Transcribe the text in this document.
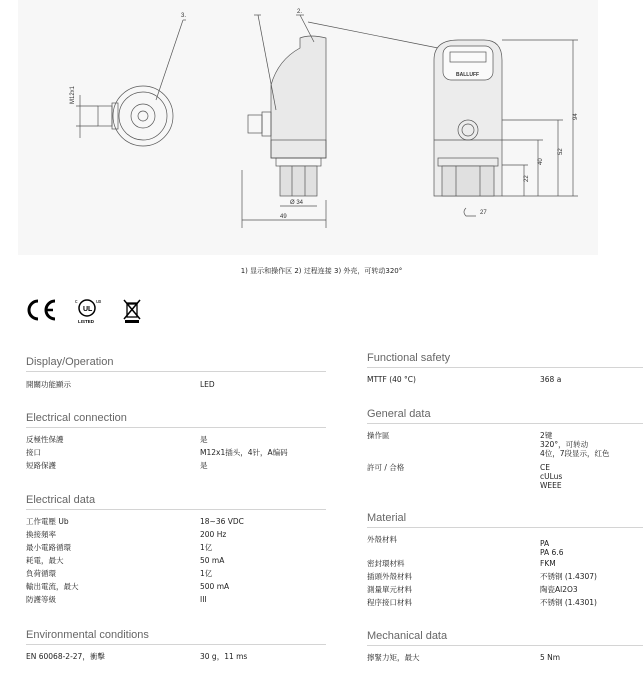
3.
2.
M12x1
Ø 34
49
94
52
40
22
27
BALLUFF
1) 显示和操作区 2) 过程连接 3) 外壳，可转动320°
UL
c	us
LISTED
Display/Operation
開關功能顯示	LED
Electrical connection
反極性保護	是
接口	M12x1插头，4针，A编码
短路保護	是
Electrical data
工作電壓 Ub	18~36 VDC
換接頻率	200 Hz
最小電路循環	1亿
耗電，最大	50 mA
負荷循環	1亿
輸出電流，最大	500 mA
防護等級	III
Environmental conditions
EN 60068-2-27，衝擊	30 g，11 ms
Functional safety
MTTF (40 °C)	368 a
General data
操作區	2键
320°，可转动
4位，7段显示，红色
許可 / 合格	CE
cULus
WEEE
Material
外殼材料	PA
PA 6.6
密封環材料	FKM
插頭外殼材料	不锈钢 (1.4307)
測量單元材料	陶瓷Al2O3
程序接口材料	不锈钢 (1.4301)
Mechanical data
擰緊力矩，最大	5 Nm
